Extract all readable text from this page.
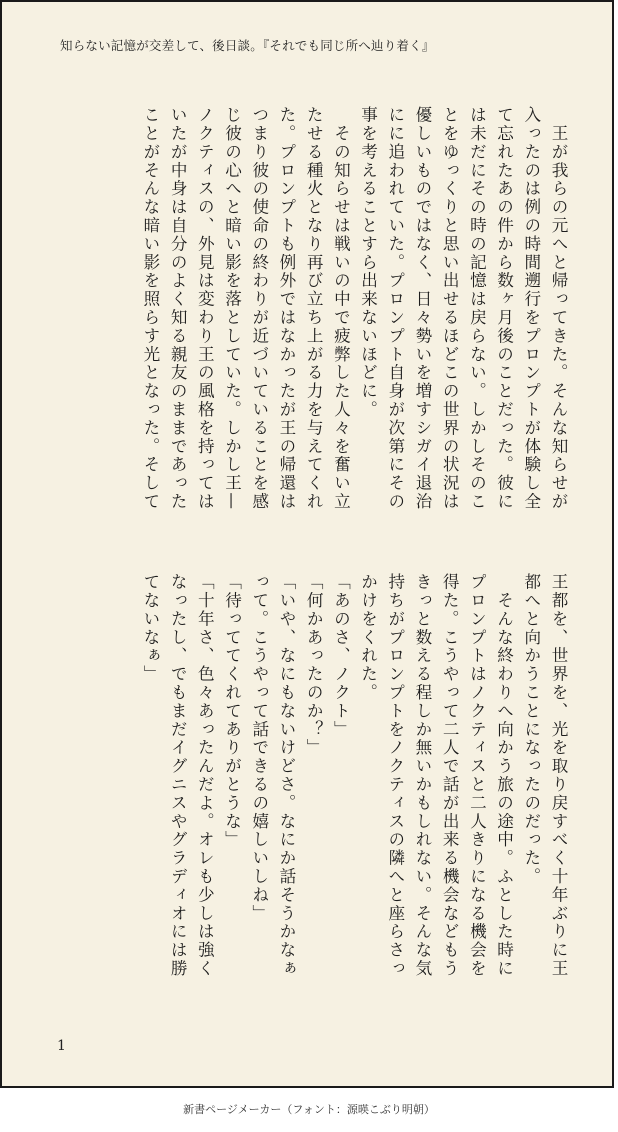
知らない記憶が交差して、後日談。『それでも同じ所へ辿り着く』

　王が我らの元へと帰ってきた。そんな知らせが

入ったのは例の時間遡行をプロンプトが体験し全

て忘れたあの件から数ヶ月後のことだった。彼に

は未だにその時の記憶は戻らない。しかしそのこ

とをゆっくりと思い出せるほどこの世界の状況は

優しいものではなく、日々勢いを増すシガイ退治

にに追われていた。プロンプト自身が次第にその

事を考えることすら出来ないほどに。

　その知らせは戦いの中で疲弊した人々を奮い立

たせる種火となり再び立ち上がる力を与えてくれ

た。プロンプトも例外ではなかったが王の帰還は

つまり彼の使命の終わりが近づいていることを感

じ彼の心へと暗い影を落としていた。しかし王—

ノクティスの、外見は変わり王の風格を持っては

いたが中身は自分のよく知る親友のままであった

ことがそんな暗い影を照らす光となった。そして

王都を、世界を、光を取り戻すべく十年ぶりに王

都へと向かうことになったのだった。

　そんな終わりへ向かう旅の途中。ふとした時に

プロンプトはノクティスと二人きりになる機会を

得た。こうやって二人で話が出来る機会などもう

きっと数える程しか無いかもしれない。そんな気

持ちがプロンプトをノクティスの隣へと座らさっ

かけをくれた。

「あのさ、ノクト」

「何かあったのか？」

「いや、なにもないけどさ。なにか話そうかなぁ

って。こうやって話できるの嬉しいしね」

「待っててくれてありがとうな」

「十年さ、色々あったんだよ。オレも少しは強く

なったし、でもまだイグニスやグラディオには勝

てないなぁ」

1
新書ページメーカー（フォント：源暎こぶり明朝）
